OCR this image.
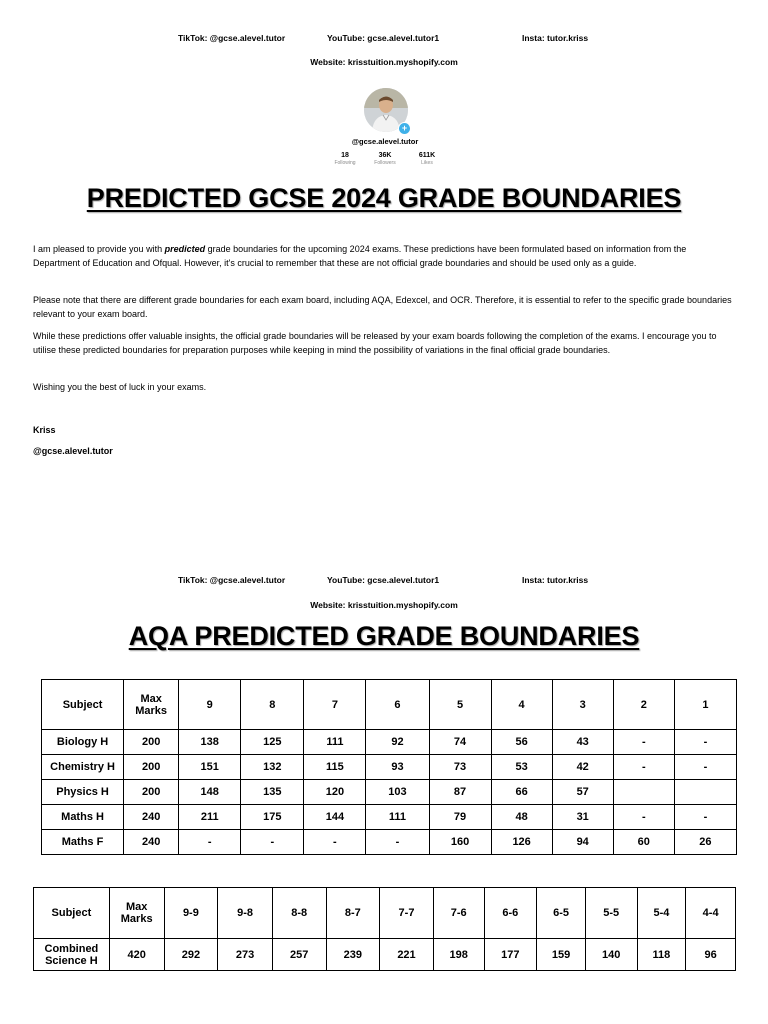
TikTok: @gcse.alevel.tutor	YouTube: gcse.alevel.tutor1	Insta: tutor.kriss
Website: krisstuition.myshopify.com
+
@gcse.alevel.tutor
18
Following
36K
Followers
611K
Likes
PREDICTED GCSE 2024 GRADE BOUNDARIES

I am pleased to provide you with predicted grade boundaries for the upcoming 2024 exams. These predictions have been formulated based on information from the Department of Education and Ofqual. However, it's crucial to remember that these are not official grade boundaries and should be used only as a guide.

Please note that there are different grade boundaries for each exam board, including AQA, Edexcel, and OCR. Therefore, it is essential to refer to the specific grade boundaries relevant to your exam board.

While these predictions offer valuable insights, the official grade boundaries will be released by your exam boards following the completion of the exams. I encourage you to utilise these predicted boundaries for preparation purposes while keeping in mind the possibility of variations in the final official grade boundaries.

Wishing you the best of luck in your exams.

Kriss
@gcse.alevel.tutor
TikTok: @gcse.alevel.tutor	YouTube: gcse.alevel.tutor1	Insta: tutor.kriss
Website: krisstuition.myshopify.com
AQA PREDICTED GRADE BOUNDARIES
Subject	Max Marks	9	8	7	6	5	4	3	2	1
Biology H	200	138	125	111	92	74	56	43	-	-
Chemistry H	200	151	132	115	93	73	53	42	-	-
Physics H	200	148	135	120	103	87	66	57		
Maths H	240	211	175	144	111	79	48	31	-	-
Maths F	240	-	-	-	-	160	126	94	60	26
Subject	Max Marks	9-9	9-8	8-8	8-7	7-7	7-6	6-6	6-5	5-5	5-4	4-4
Combined Science H	420	292	273	257	239	221	198	177	159	140	118	96
